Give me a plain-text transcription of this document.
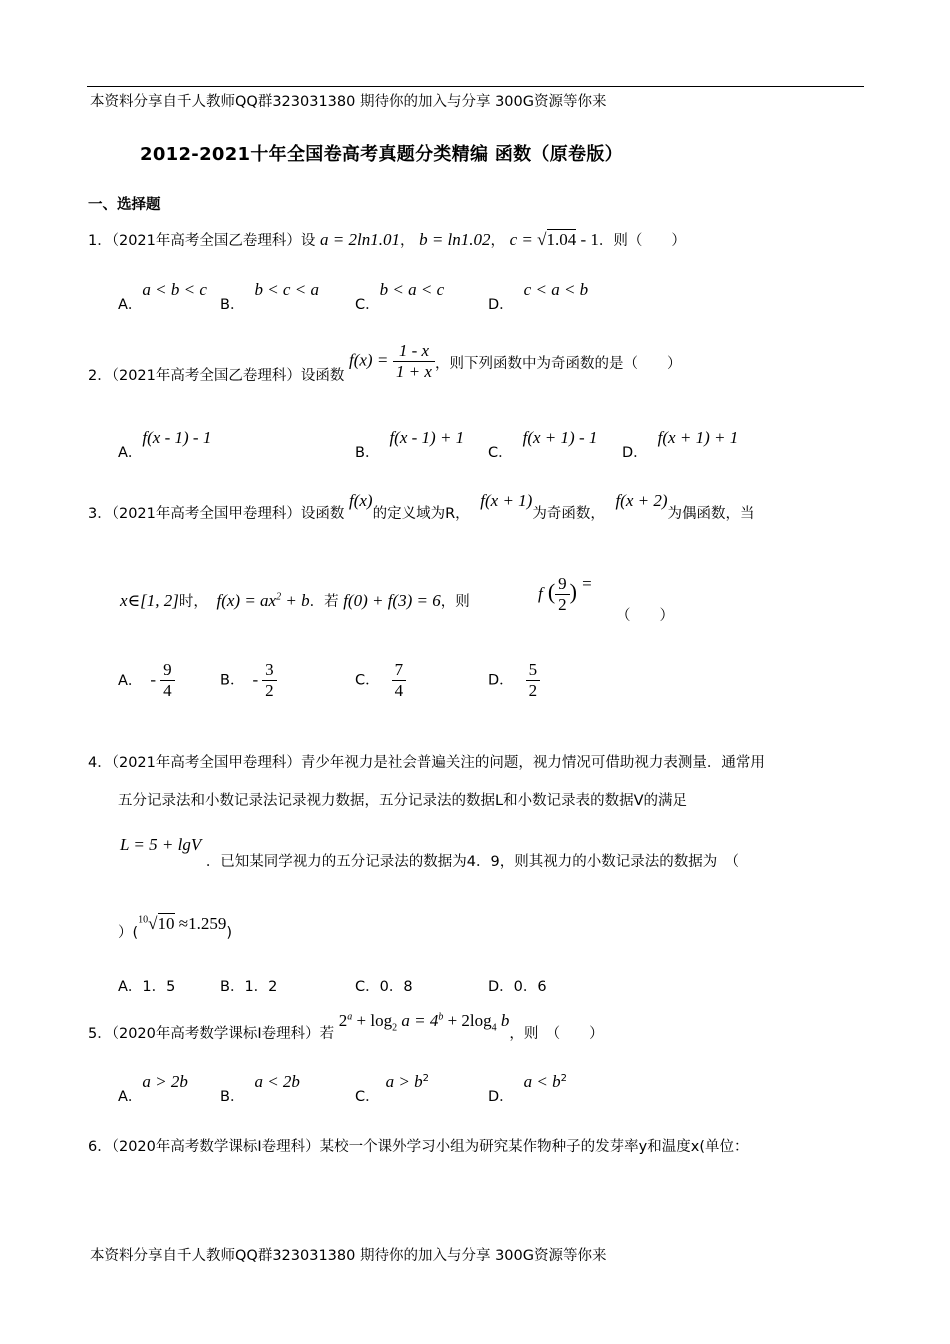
本资料分享自千人教师QQ群323031380 期待你的加入与分享 300G资源等你来
2012-2021十年全国卷高考真题分类精编 函数（原卷版）
一、选择题
1．（2021年高考全国乙卷理科）设 a = 2ln1.01， b = ln1.02， c = √1.04 - 1．则（　　）
A．a < b < c
B．b < c < a
C．b < a < c
D．c < a < b
2．（2021年高考全国乙卷理科）设函数 $f(x) = \frac{1 - x}{1 + x}$ ，则下列函数中为奇函数的是（　　）
A．f(x - 1) - 1
B．f(x - 1) + 1
C．f(x + 1) - 1
D．f(x + 1) + 1
3．（2021年高考全国甲卷理科）设函数 f(x)的定义域为R， f(x + 1)为奇函数， f(x + 2)为偶函数，当
x∈[1, 2]时， $f(x) = ax^2 + b$．若 f(0) + f(3) = 6，则	f ( $\frac{9}{2}$ ) =
（　　）
A． - $\frac{9}{4}$	B． - $\frac{3}{2}$	C． $\frac{7}{4}$	D． $\frac{5}{2}$
4．（2021年高考全国甲卷理科）青少年视力是社会普遍关注的问题，视力情况可借助视力表测量．通常用
五分记录法和小数记录法记录视力数据，五分记录法的数据L和小数记录表的数据V的满足
L = 5 + lgV ．已知某同学视力的五分记录法的数据为4．9，则其视力的小数记录法的数据为　（
）($^{10}$√10 ≈1.259)
A．1．5	B．1．2	C．0．8	D．0．6
5．（2020年高考数学课标Ⅰ卷理科）若 $2^a + \log_2 a = 4^b + 2\log_4$ b，则　（　　）
A．a > 2b
B．a < 2b
C．$a > b^2$
D．$a < b^2$
6．（2020年高考数学课标Ⅰ卷理科）某校一个课外学习小组为研究某作物种子的发芽率y和温度x(单位：
本资料分享自千人教师QQ群323031380 期待你的加入与分享 300G资源等你来
